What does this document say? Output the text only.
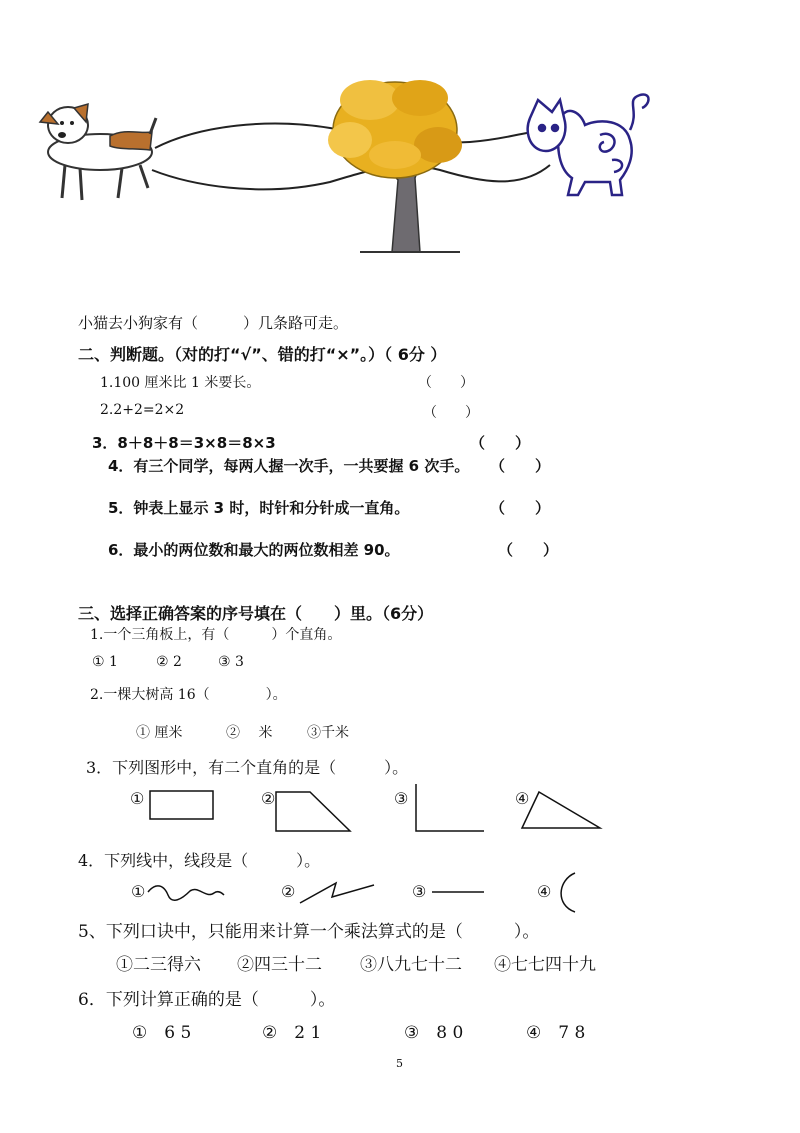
小猫去小狗家有（　　　）几条路可走。
二、判断题。（对的打“√”、错的打“×”。）（ 6分 ）
1.100 厘米比 1 米要长。	（　　）
2.2+2=2×2	（　　）
3．8＋8＋8＝3×8＝8×3	（　　）
4．有三个同学，每两人握一次手，一共要握 6 次手。 （　　）
5．钟表上显示 3 时，时针和分针成一直角。	（　　）
6．最小的两位数和最大的两位数相差 90。	（　　）
三、选择正确答案的序号填在（　　）里。（6分）
1.一个三角板上，有（　　　）个直角。
① 1	② 2	③ 3
2.一棵大树高 16（　　　　）。
① 厘米	② 　米 ③千米
3．下列图形中，有二个直角的是（　　　）。
①	②	③	④
4．下列线中，线段是（　　　）。
①	②	③	④
5、下列口诀中，只能用来计算一个乘法算式的是（　　　）。
①二三得六 ②四三十二 ③八九七十二 ④七七四十九
6．下列计算正确的是（　　　）。
①　6 5	②　2 1	③　8 0	④　7 8
5
